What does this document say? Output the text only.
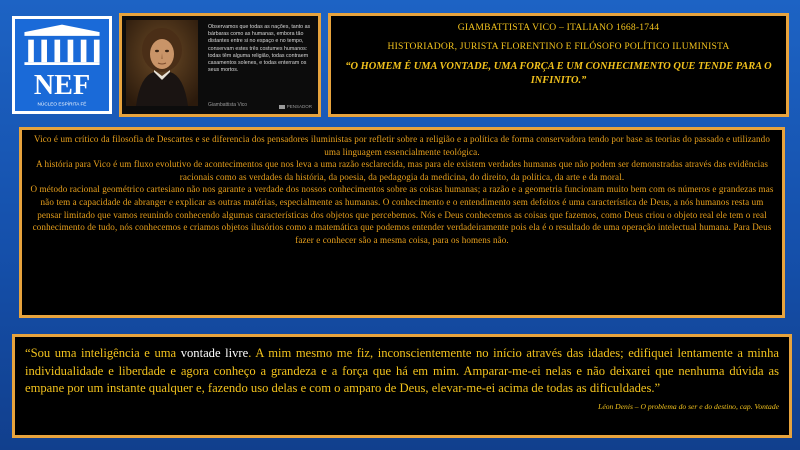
NEF
NÚCLEO ESPÍRITA FÉ
Observamos que todas as nações, tanto as bárbaras como as humanas, embora tão distantes entre si no espaço e no tempo, conservam estes três costumes humanos: todas têm alguma religião, todas contraem casamentos solenes, e todas enterram os seus mortos.
Giambattista Vico	PENSADOR
GIAMBATTISTA VICO – ITALIANO 1668-1744
HISTORIADOR, JURISTA FLORENTINO E FILÓSOFO POLÍTICO ILUMINISTA
“O HOMEM É UMA VONTADE, UMA FORÇA E UM CONHECIMENTO QUE TENDE PARA O INFINITO.”

Vico é um crítico da filosofia de Descartes e se diferencia dos pensadores iluministas por refletir sobre a religião e a política de forma conservadora tendo por base as teorias do passado e utilizando uma linguagem essencialmente teológica.

A história para Vico é um fluxo evolutivo de acontecimentos que nos leva a uma razão esclarecida, mas para ele existem verdades humanas que não podem ser demonstradas através das evidências racionais como as verdades da história, da poesia, da pedagogia da medicina, do direito, da política, da arte e da moral.

O método racional geométrico cartesiano não nos garante a verdade dos nossos conhecimentos sobre as coisas humanas; a razão e a geometria funcionam muito bem com os números e grandezas mas não tem a capacidade de abranger e explicar as outras matérias, especialmente as humanas. O conhecimento e o entendimento sem defeitos é uma característica de Deus, a nós humanos resta um pensar limitado que vamos reunindo conhecendo algumas características dos objetos que percebemos. Nós e Deus conhecemos as coisas que fazemos, como Deus criou o objeto real ele tem o real conhecimento de tudo, nós conhecemos e criamos objetos ilusórios como a matemática que podemos entender verdadeiramente pois ela é o resultado de uma operação intelectual humana. Para Deus fazer e conhecer são a mesma coisa, para os homens não.

“Sou uma inteligência e uma vontade livre. A mim mesmo me fiz, inconscientemente no início através das idades; edifiquei lentamente a minha individualidade e liberdade e agora conheço a grandeza e a força que há em mim. Amparar-me-ei nelas e não deixarei que nenhuma dúvida as empane por um instante qualquer e, fazendo uso delas e com o amparo de Deus, elevar-me-ei acima de todas as dificuldades.”
Léon Denis – O problema do ser e do destino, cap. Vontade
